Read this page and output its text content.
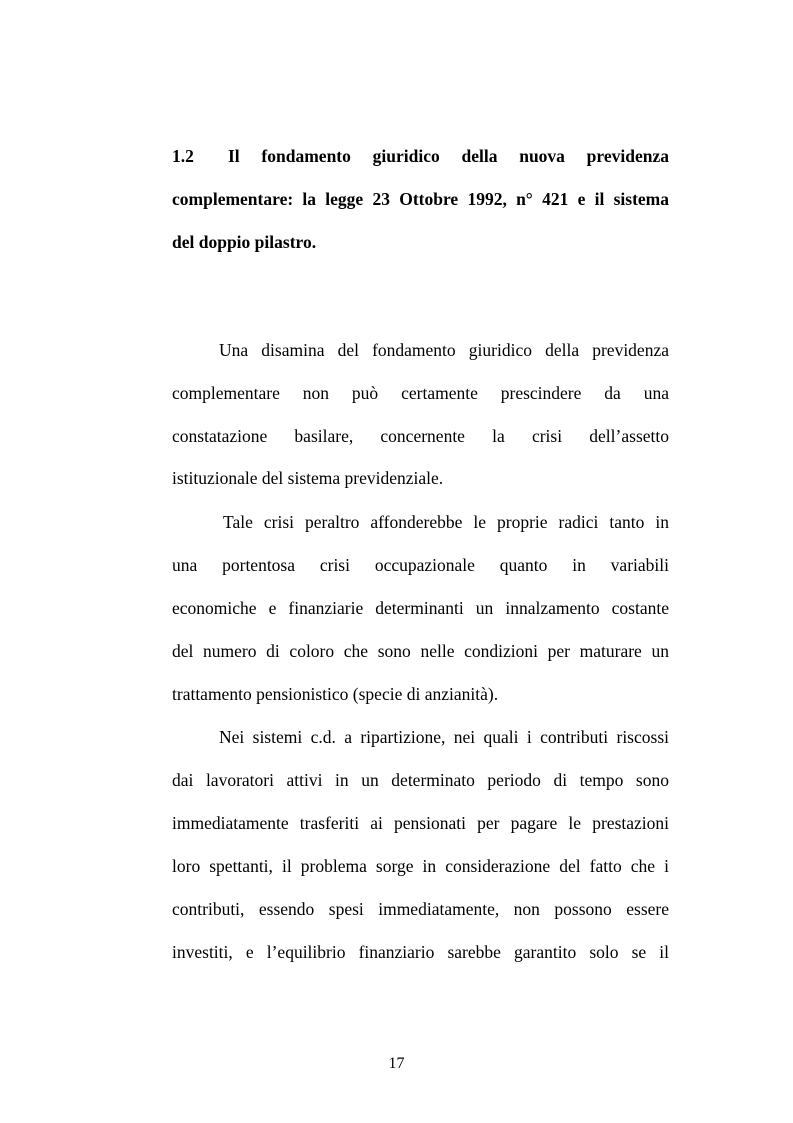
1.2 Il fondamento giuridico della nuova previdenza
complementare: la legge 23 Ottobre 1992, n° 421 e il sistema
del doppio pilastro.
Una disamina del fondamento giuridico della previdenza
complementare non può certamente prescindere da una
constatazione basilare, concernente la crisi dell’assetto
istituzionale del sistema previdenziale.
Tale crisi peraltro affonderebbe le proprie radici tanto in
una portentosa crisi occupazionale quanto in variabili
economiche e finanziarie determinanti un innalzamento costante
del numero di coloro che sono nelle condizioni per maturare un
trattamento pensionistico (specie di anzianità).
Nei sistemi c.d. a ripartizione, nei quali i contributi riscossi
dai lavoratori attivi in un determinato periodo di tempo sono
immediatamente trasferiti ai pensionati per pagare le prestazioni
loro spettanti, il problema sorge in considerazione del fatto che i
contributi, essendo spesi immediatamente, non possono essere
investiti, e l’equilibrio finanziario sarebbe garantito solo se il
17
